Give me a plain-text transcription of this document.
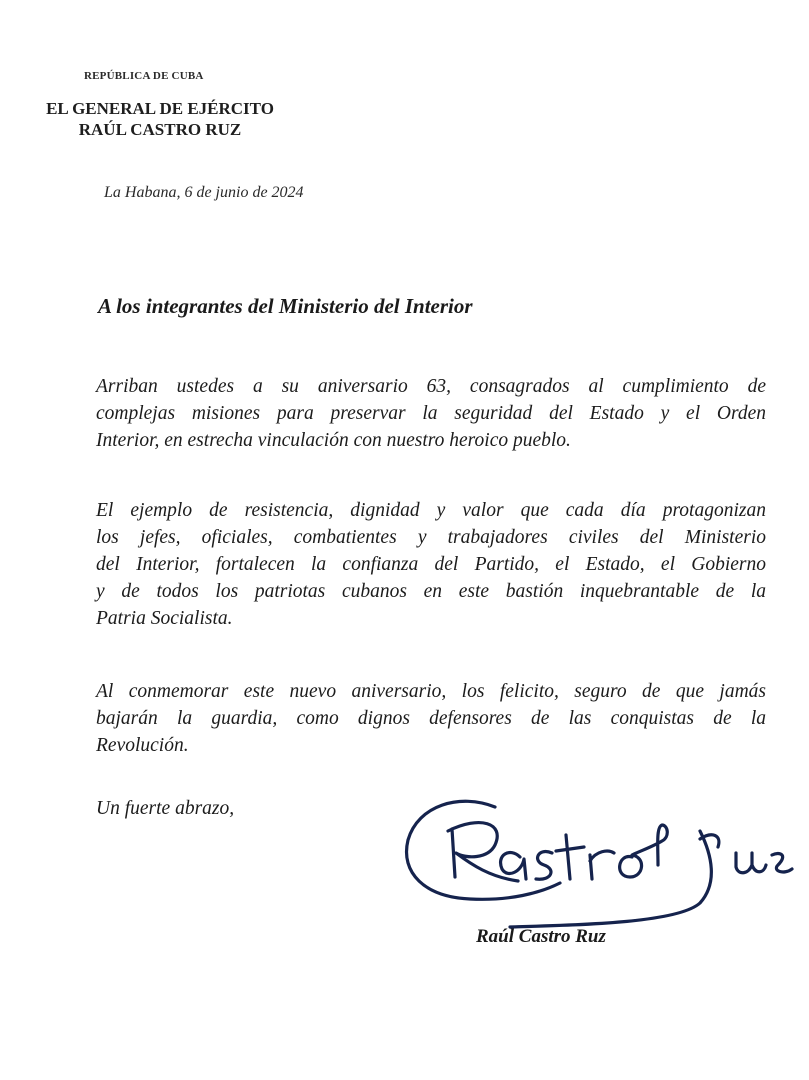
REPÚBLICA DE CUBA
EL GENERAL DE EJÉRCITO
RAÚL CASTRO RUZ
La Habana, 6 de junio de 2024
A los integrantes del Ministerio del Interior
Arriban ustedes a su aniversario 63, consagrados al cumplimiento de
complejas misiones para preservar la seguridad del Estado y el Orden
Interior, en estrecha vinculación con nuestro heroico pueblo.
El ejemplo de resistencia, dignidad y valor que cada día protagonizan
los jefes, oficiales, combatientes y trabajadores civiles del Ministerio
del Interior, fortalecen la confianza del Partido, el Estado, el Gobierno
y de todos los patriotas cubanos en este bastión inquebrantable de la
Patria Socialista.
Al conmemorar este nuevo aniversario, los felicito, seguro de que jamás
bajarán la guardia, como dignos defensores de las conquistas de la
Revolución.
Un fuerte abrazo,
Raúl Castro Ruz
